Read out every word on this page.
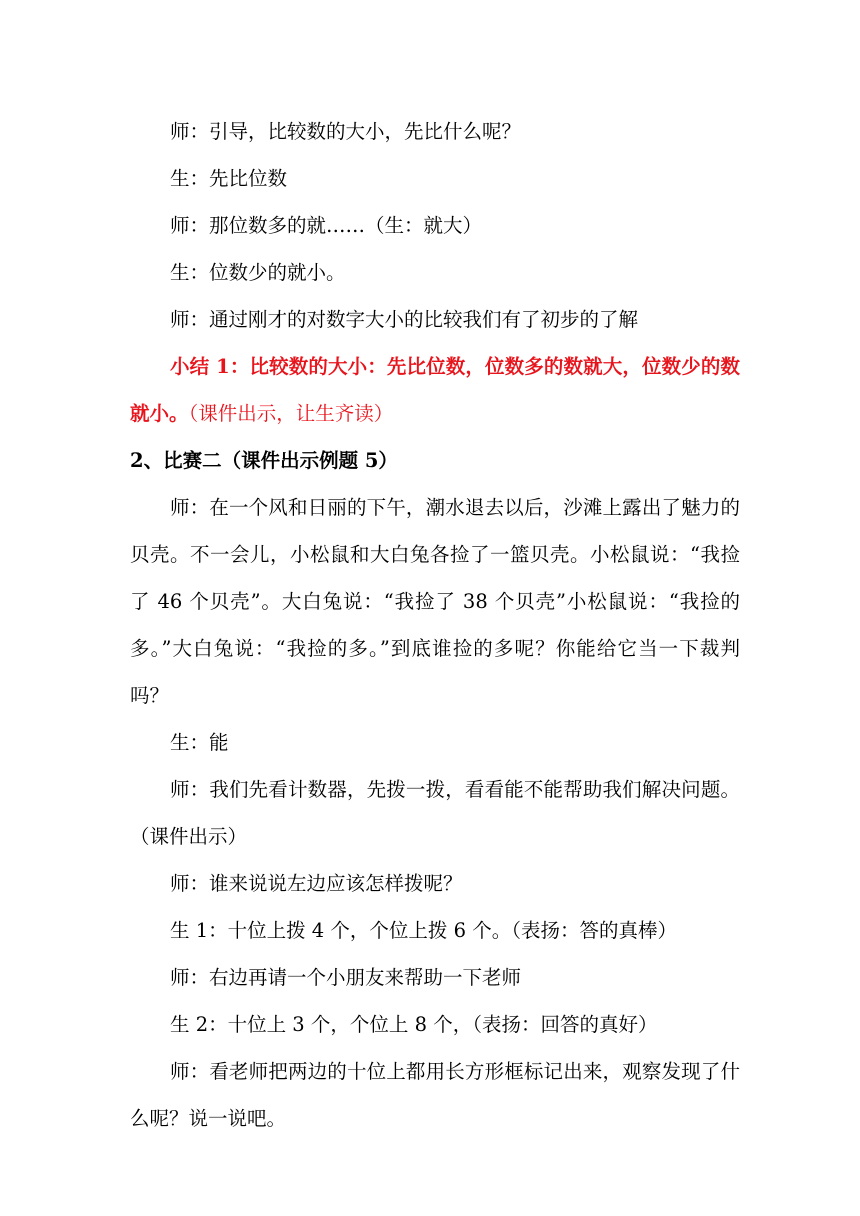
师：引导，比较数的大小，先比什么呢？

生：先比位数

师：那位数多的就……（生：就大）

生：位数少的就小。

师：通过刚才的对数字大小的比较我们有了初步的了解

小结 1：比较数的大小：先比位数，位数多的数就大，位数少的数就小。（课件出示，让生齐读）

2、比赛二（课件出示例题 5）

师：在一个风和日丽的下午，潮水退去以后，沙滩上露出了魅力的贝壳。不一会儿，小松鼠和大白兔各捡了一篮贝壳。小松鼠说：“我捡了 46 个贝壳”。大白兔说：“我捡了 38 个贝壳”小松鼠说：“我捡的多。”大白兔说：“我捡的多。”到底谁捡的多呢？你能给它当一下裁判吗？

生：能

师：我们先看计数器，先拨一拨，看看能不能帮助我们解决问题。（课件出示）

师：谁来说说左边应该怎样拨呢？

生 1：十位上拨 4 个，个位上拨 6 个。（表扬：答的真棒）

师：右边再请一个小朋友来帮助一下老师

生 2：十位上 3 个，个位上 8 个，（表扬：回答的真好）

师：看老师把两边的十位上都用长方形框标记出来，观察发现了什么呢？说一说吧。
